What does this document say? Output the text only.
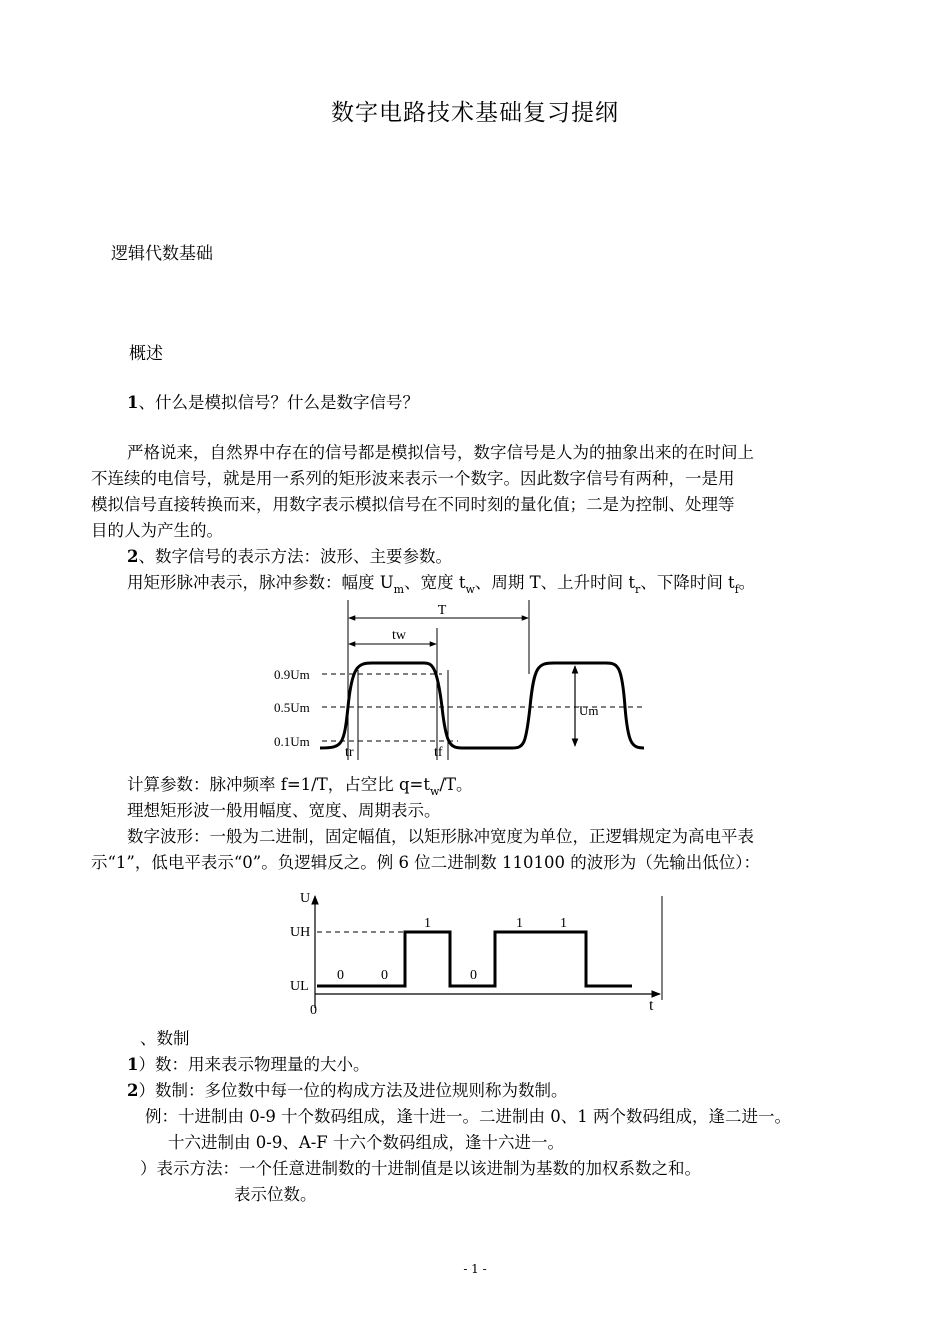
数字电路技术基础复习提纲
逻辑代数基础
概述
1、什么是模拟信号？什么是数字信号？
严格说来，自然界中存在的信号都是模拟信号，数字信号是人为的抽象出来的在时间上
不连续的电信号，就是用一系列的矩形波来表示一个数字。因此数字信号有两种，一是用
模拟信号直接转换而来，用数字表示模拟信号在不同时刻的量化值；二是为控制、处理等
目的人为产生的。
2、数字信号的表示方法：波形、主要参数。
用矩形脉冲表示，脉冲参数：幅度 $U_m$、宽度 $t_w$、周期 T、上升时间 $t_r$、下降时间 $t_f$。
T
tw
0.9Um
0.5Um
0.1Um
Um
tr	tf
计算参数：脉冲频率 f=1/T，占空比 $q=t_w/T$。
理想矩形波一般用幅度、宽度、周期表示。
数字波形：一般为二进制，固定幅值，以矩形脉冲宽度为单位，正逻辑规定为高电平表
示“1”，低电平表示“0”。负逻辑反之。例 6 位二进制数 110100 的波形为（先输出低位）：
U
UH
UL
0	t
0	0
1
0
1	1
、数制
1）数：用来表示物理量的大小。
2）数制：多位数中每一位的构成方法及进位规则称为数制。
例：十进制由 0-9 十个数码组成，逢十进一。二进制由 0、1 两个数码组成，逢二进一。
十六进制由 0-9、A-F 十六个数码组成，逢十六进一。
）表示方法：一个任意进制数的十进制值是以该进制为基数的加权系数之和。
表示位数。
- 1 -
